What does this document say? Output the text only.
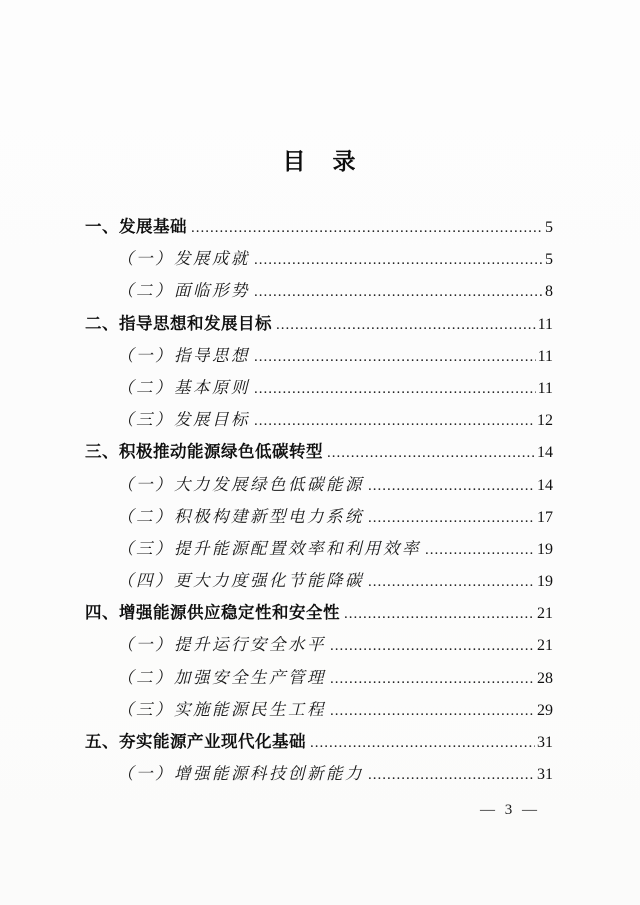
目　录
一、发展基础 .....	5
（一）发展成就 .....	5
（二）面临形势 .....	8
二、指导思想和发展目标 .....	11
（一）指导思想 .....	11
（二）基本原则 .....	11
（三）发展目标 .....	12
三、积极推动能源绿色低碳转型 .....	14
（一）大力发展绿色低碳能源 .....	14
（二）积极构建新型电力系统 .....	17
（三）提升能源配置效率和利用效率 .....	19
（四）更大力度强化节能降碳 .....	19
四、增强能源供应稳定性和安全性 .....	21
（一）提升运行安全水平 .....	21
（二）加强安全生产管理 .....	28
（三）实施能源民生工程 .....	29
五、夯实能源产业现代化基础 .....	31
（一）增强能源科技创新能力 .....	31
— 3 —
